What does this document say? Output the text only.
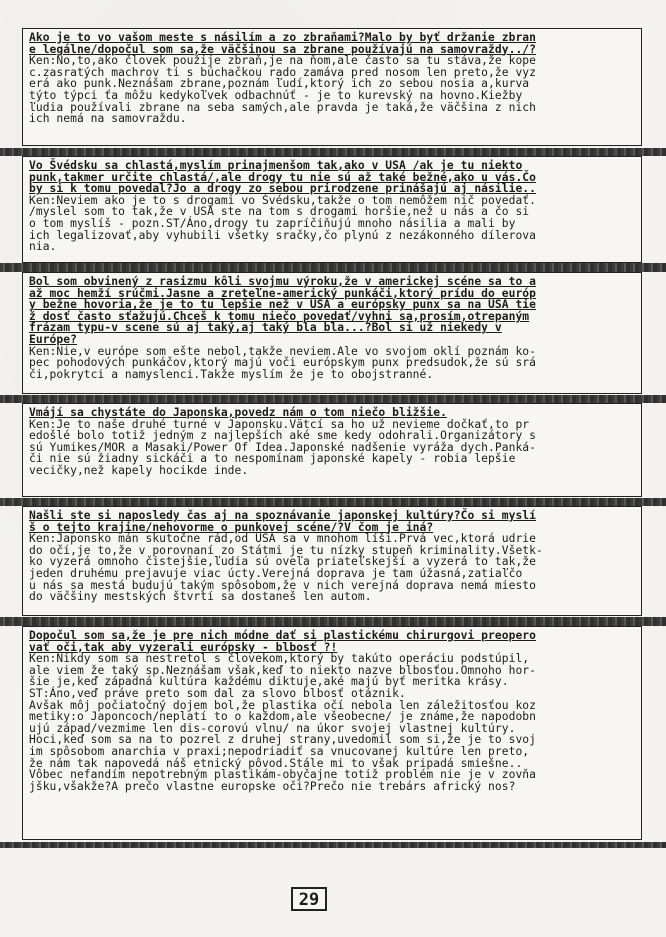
Ako je to vo vašom meste s násilím a zo zbraňami?Malo by byť držanie zbran
e legálne/dopočul som sa,že väčšinou sa zbrane používajú na samovraždy../?

Ken:No,to,ako človek použije zbraň,je na ňom,ale často sa tu stáva,že kope
c.zasratých machrov ti s búchačkou rado zamáva pred nosom len preto,že vyz
erá ako punk.Neznášam zbrane,poznám ľudí,ktorý ich zo sebou nosia a,kurva
týto týpci ťa môžu kedykoľvek odbachnúť - je to kurevský na hovno.Kiežby
ľudia používali zbrane na seba samých,ale pravda je taká,že väčšina z nich
ich nemá na samovraždu.

Vo Švédsku sa chlastá,myslím prinajmenšom tak,ako v USA /ak je tu niekto
punk,takmer určite chlastá/,ale drogy tu nie sú až také bežné,ako u vás.Čo
by si k tomu povedal?Jo a drogy zo sebou prirodzene prinášajú aj násilie..

Ken:Neviem ako je to s drogami vo Švédsku,takže o tom nemôžem nič povedať.
/myslel som to tak,že v USA ste na tom s drogami horšie,než u nás a čo si
o tom myslíš - pozn.ST/Áno,drogy tu zapríčiňujú mnoho násilia a mali by
ich legalizovať,aby vyhubili všetky sračky,čo plynú z nezákonného dílerova
nia.

Bol som obvinený z rasizmu kôli svojmu výroku,že v americkej scéne sa to a
až moc hemží srúčmi.Jasne a zreteľne-americký punkáči,ktorý prídu do európ
y bežne hovoria,že je to tu lepšie než v USA a európsky punx sa na USA tie
ž dosť často sťažujú.Chceš k tomu niečo povedať/vyhni sa,prosím,otrepaným
frázam typu-v scene sú aj taký,aj taký bla bla...?Bol si už niekedy v
Európe?

Ken:Nie,v európe som ešte nebol,takže neviem.Ale vo svojom oklí poznám ko-
pec pohodových punkáčov,ktorý majú voči európskym punx predsudok,že sú srá
či,pokrytci a namyslenci.Takže myslím že je to obojstranné.

Vmájí sa chystáte do Japonska,povedz nám o tom niečo bližšie.

Ken:Je to naše druhé turné v Japonsku.Vätcí sa ho už nevieme dočkať,to pr
edošlé bolo totiž jedným z najlepších aké sme kedy odohrali.Organizátory s
sú Yumikes/MOR a Masaki/Power Of Idea.Japonské nadšenie vyráža dych.Panká-
či nie sú žiadny sickáči a to nespomínam japonské kapely - robia lepšie
vecičky,než kapely hocikde inde.

Našli ste si naposledy čas aj na spoznávanie japonskej kultúry?Čo si myslí
š o tejto krajine/nehovorme o punkovej scéne/?V čom je iná?

Ken:Japonsko mán skutočne rád,od USA sa v mnohom líši.Prvá vec,ktorá udrie
do očí,je to,že v porovnaní zo Státmi je tu nízky stupeň kriminality.Všetk-
ko vyzerá omnoho čistejšie,ľudia sú oveľa priateľskejší a vyzerá to tak,že
jeden druhému prejavuje viac úcty.Verejná doprava je tam úžasná,zatiaľčo
u nás sa mestá budujú takým spôsobom,že v nich verejná doprava nemá miesto
do väčšiny mestských štvrtí sa dostaneš len autom.

Dopočul som sa,že je pre nich módne dať si plastickému chirurgovi preopero
vať oči,tak aby vyzerali európsky - blbosť ?!

Ken:Nikdy som sa nestretol s človekom,ktorý by takúto operáciu podstúpil,
ale viem že taký sp.Neznášam však,keď to niekto nazve blbosťou.Omnoho hor-
šie je,keď západná kultúra každému diktuje,aké majú byť meritka krásy.
ST:Áno,veď práve preto som dal za slovo blbosť otáznik.
Avšak môj počiatočný dojem bol,že plastika očí nebola len záležitosťou koz
metiky:o Japoncoch/neplatí to o každom,ale všeobecne/ je známe,že napodobn
ujú západ/vezmime len dis-corovú vlnu/ na úkor svojej vlastnej kultúry.
Hoci,keď som sa na to pozrel z druhej strany,uvedomil som si,že je to svoj
im spôsobom anarchia v praxi;nepodriadiť sa vnucovanej kultúre len preto,
že nám tak napovedá náš etnický pôvod.Stále mi to však pripadá smiešne..
Vôbec nefandím nepotrebným plastikám-obyčajne totiž problém nie je v zovňa
jšku,všakže?A prečo vlastne europske oči?Prečo nie trebárs africký nos?

29
